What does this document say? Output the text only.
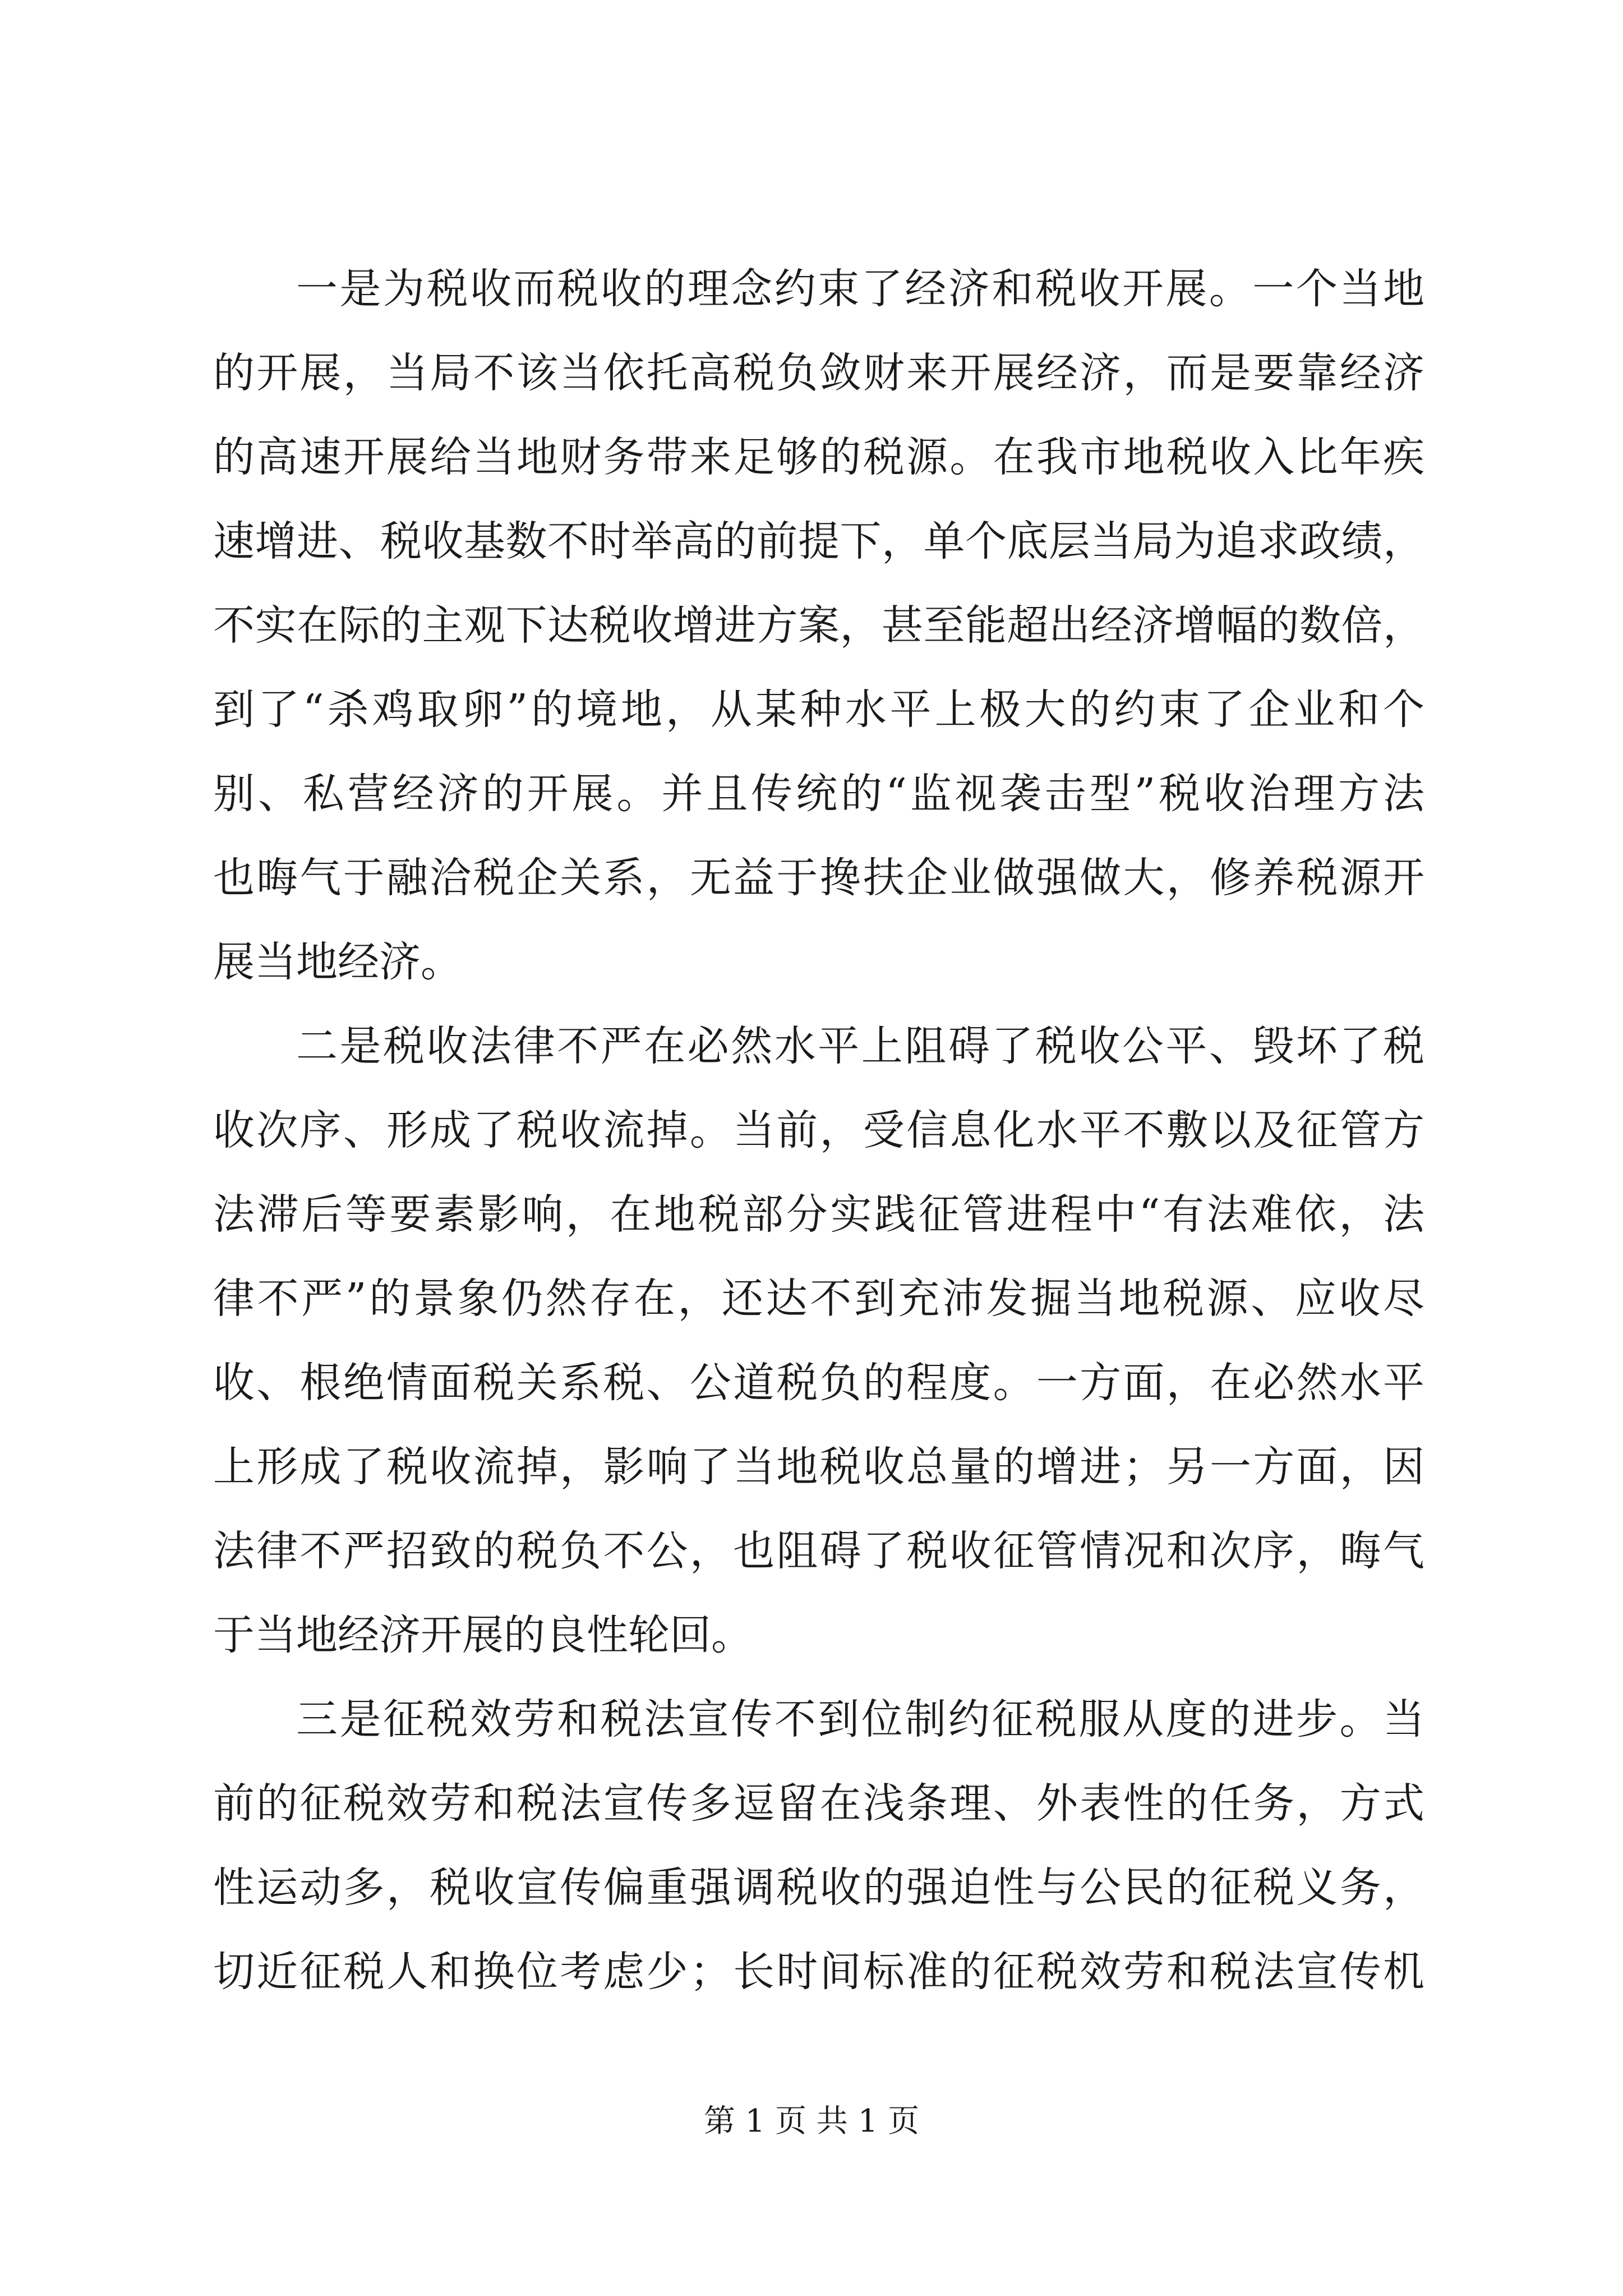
一是为税收而税收的理念约束了经济和税收开展。一个当地
的开展，当局不该当依托高税负敛财来开展经济，而是要靠经济
的高速开展给当地财务带来足够的税源。在我市地税收入比年疾
速增进、税收基数不时举高的前提下，单个底层当局为追求政绩，
不实在际的主观下达税收增进方案，甚至能超出经济增幅的数倍，
到了“杀鸡取卵”的境地，从某种水平上极大的约束了企业和个
别、私营经济的开展。并且传统的“监视袭击型”税收治理方法
也晦气于融洽税企关系，无益于搀扶企业做强做大，修养税源开
展当地经济。
二是税收法律不严在必然水平上阻碍了税收公平、毁坏了税
收次序、形成了税收流掉。当前，受信息化水平不敷以及征管方
法滞后等要素影响，在地税部分实践征管进程中“有法难依，法
律不严”的景象仍然存在，还达不到充沛发掘当地税源、应收尽
收、根绝情面税关系税、公道税负的程度。一方面，在必然水平
上形成了税收流掉，影响了当地税收总量的增进；另一方面，因
法律不严招致的税负不公，也阻碍了税收征管情况和次序，晦气
于当地经济开展的良性轮回。
三是征税效劳和税法宣传不到位制约征税服从度的进步。当
前的征税效劳和税法宣传多逗留在浅条理、外表性的任务，方式
性运动多，税收宣传偏重强调税收的强迫性与公民的征税义务，
切近征税人和换位考虑少；长时间标准的征税效劳和税法宣传机
第 1 页 共 1 页
